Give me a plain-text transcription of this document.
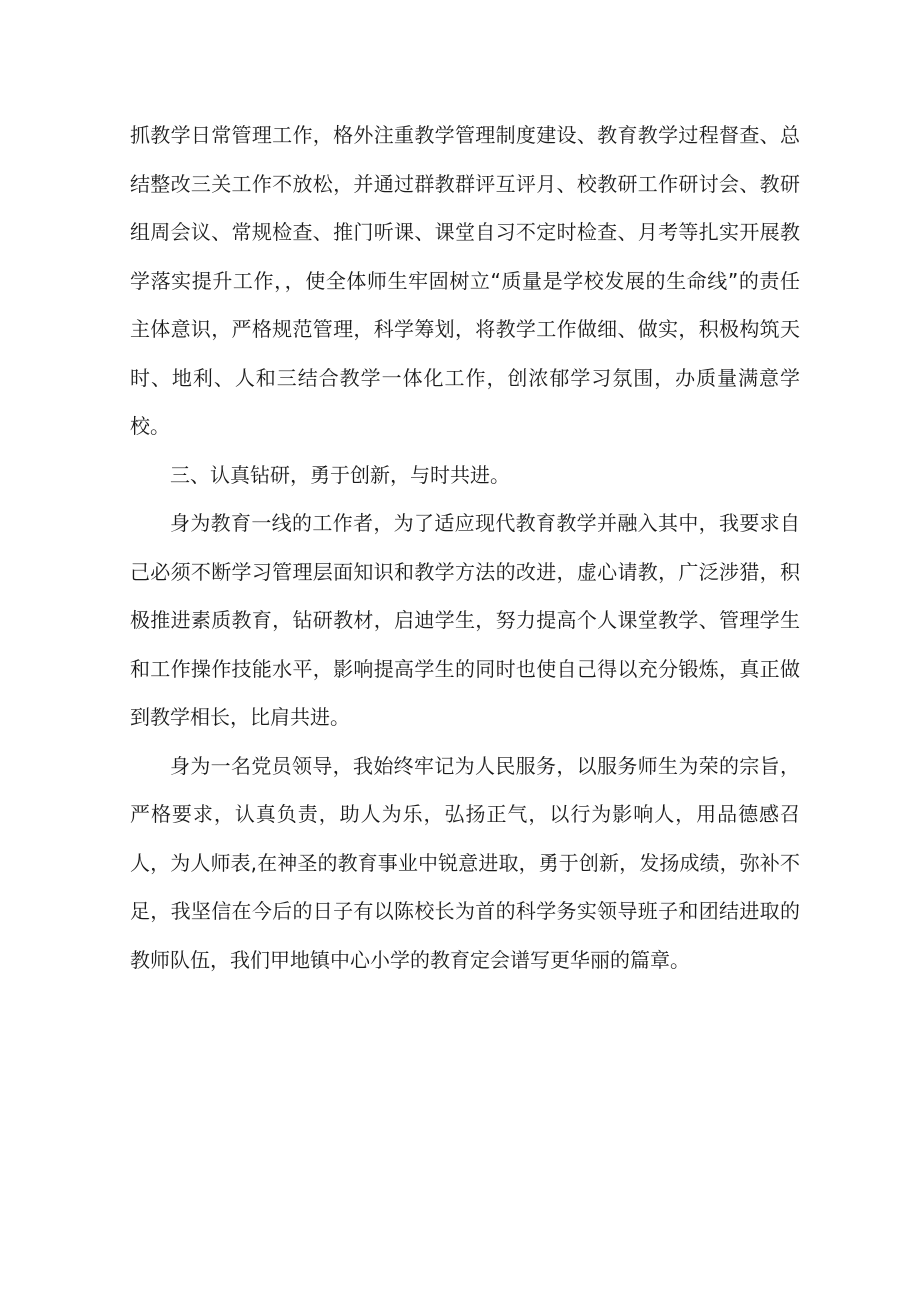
抓教学日常管理工作，格外注重教学管理制度建设、教育教学过程督查、总结整改三关工作不放松，并通过群教群评互评月、校教研工作研讨会、教研组周会议、常规检查、推门听课、课堂自习不定时检查、月考等扎实开展教学落实提升工作，，使全体师生牢固树立“质量是学校发展的生命线”的责任主体意识，严格规范管理，科学筹划，将教学工作做细、做实，积极构筑天时、地利、人和三结合教学一体化工作，创浓郁学习氛围，办质量满意学校。

三、认真钻研，勇于创新，与时共进。

身为教育一线的工作者，为了适应现代教育教学并融入其中，我要求自己必须不断学习管理层面知识和教学方法的改进，虚心请教，广泛涉猎，积极推进素质教育，钻研教材，启迪学生，努力提高个人课堂教学、管理学生和工作操作技能水平，影响提高学生的同时也使自己得以充分锻炼，真正做到教学相长，比肩共进。

身为一名党员领导，我始终牢记为人民服务，以服务师生为荣的宗旨，严格要求，认真负责，助人为乐，弘扬正气，以行为影响人，用品德感召人，为人师表,在神圣的教育事业中锐意进取，勇于创新，发扬成绩，弥补不足，我坚信在今后的日子有以陈校长为首的科学务实领导班子和团结进取的教师队伍，我们甲地镇中心小学的教育定会谱写更华丽的篇章。
